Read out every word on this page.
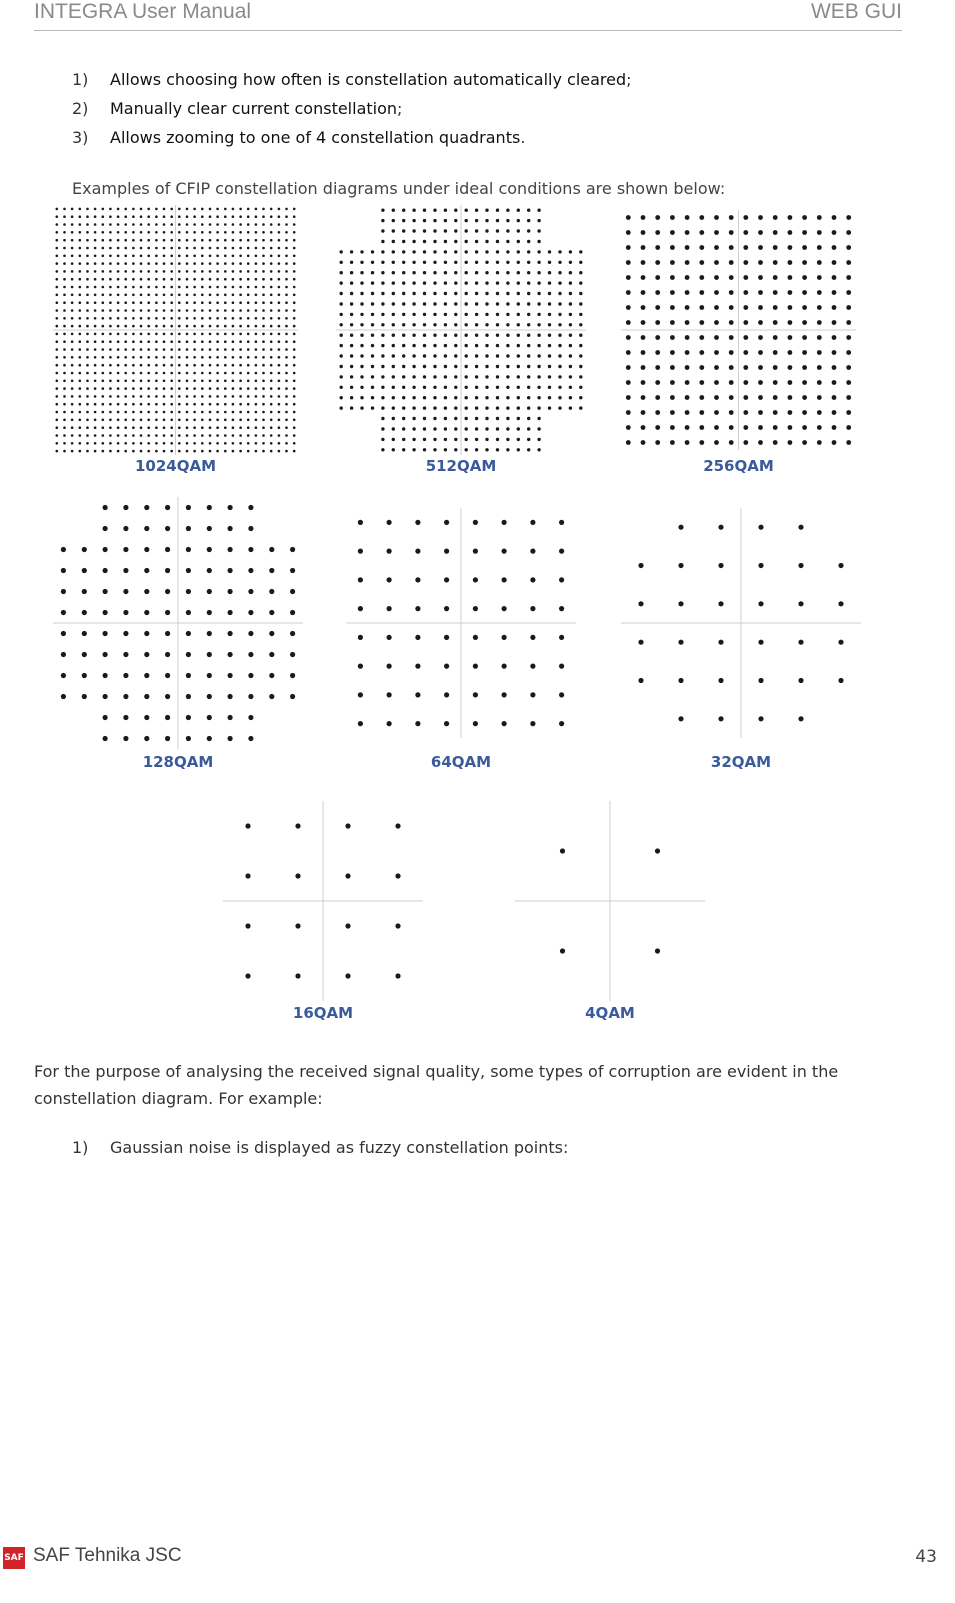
INTEGRA User Manual	WEB GUI
1) Allows choosing how often is constellation automatically cleared;
2) Manually clear current constellation;
3) Allows zooming to one of 4 constellation quadrants.
Examples of CFIP constellation diagrams under ideal conditions are shown below:
1024QAM	512QAM	256QAM
128QAM	64QAM	32QAM
16QAM	4QAM
For the purpose of analysing the received signal quality, some types of corruption are evident in the constellation diagram. For example:
1) Gaussian noise is displayed as fuzzy constellation points:
SAF SAF Tehnika JSC	43
